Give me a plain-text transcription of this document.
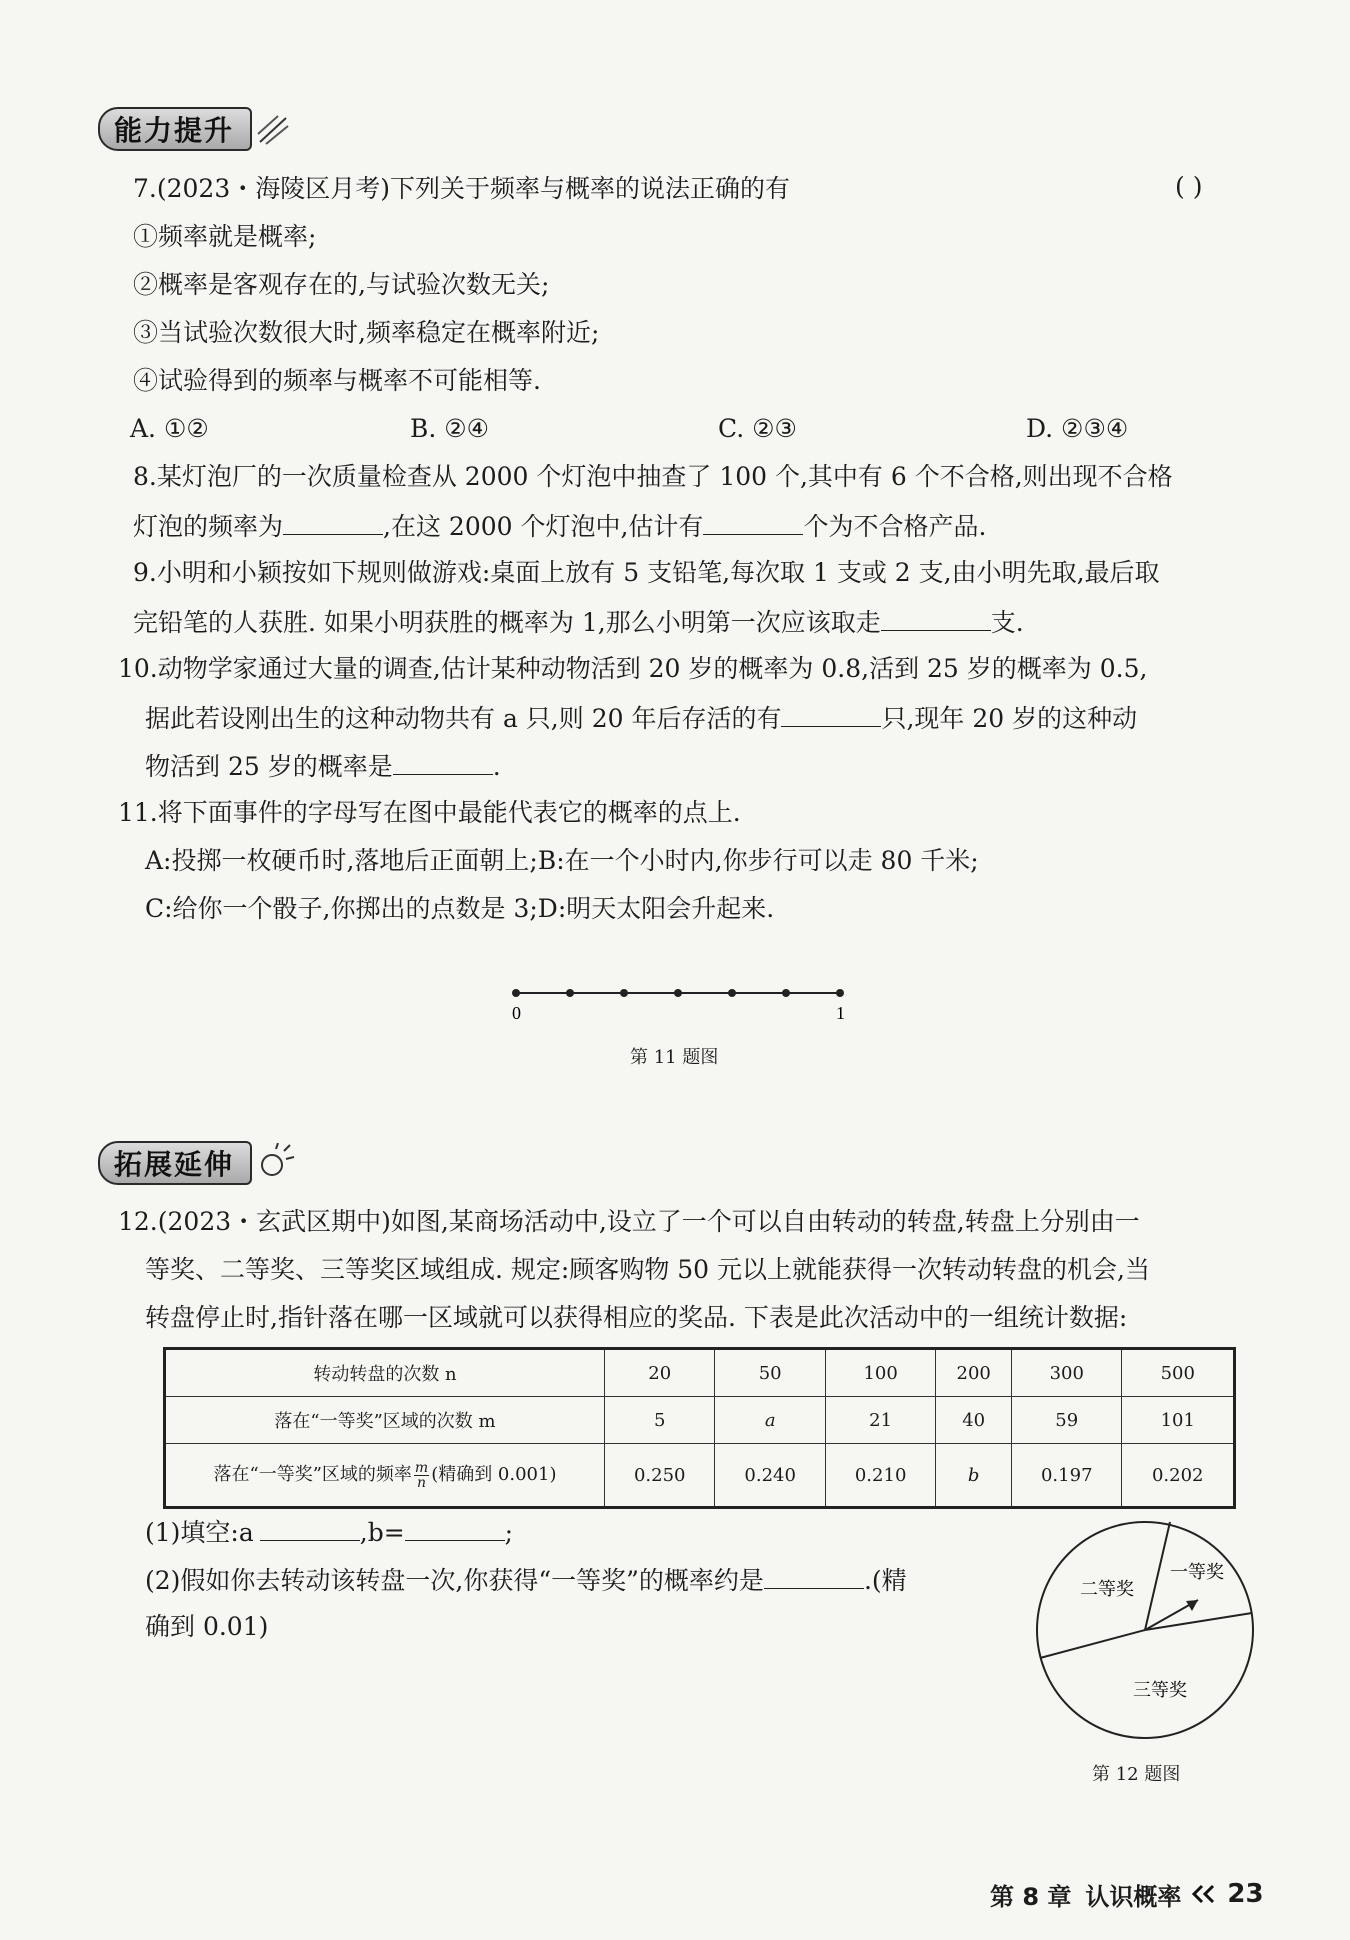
能力提升
7.(2023・海陵区月考)下列关于频率与概率的说法正确的有	( )
①频率就是概率;
②概率是客观存在的,与试验次数无关;
③当试验次数很大时,频率稳定在概率附近;
④试验得到的频率与概率不可能相等.
A. ①②	B. ②④	C. ②③	D. ②③④
8.某灯泡厂的一次质量检查从 2000 个灯泡中抽查了 100 个,其中有 6 个不合格,则出现不合格
灯泡的频率为	,在这 2000 个灯泡中,估计有	个为不合格产品.
9.小明和小颖按如下规则做游戏:桌面上放有 5 支铅笔,每次取 1 支或 2 支,由小明先取,最后取
完铅笔的人获胜. 如果小明获胜的概率为 1,那么小明第一次应该取走	支.
10.动物学家通过大量的调查,估计某种动物活到 20 岁的概率为 0.8,活到 25 岁的概率为 0.5,
据此若设刚出生的这种动物共有 a 只,则 20 年后存活的有	只,现年 20 岁的这种动
物活到 25 岁的概率是	.
11.将下面事件的字母写在图中最能代表它的概率的点上.
A:投掷一枚硬币时,落地后正面朝上;B:在一个小时内,你步行可以走 80 千米;
C:给你一个骰子,你掷出的点数是 3;D:明天太阳会升起来.
0	1
第 11 题图
拓展延伸
12.(2023・玄武区期中)如图,某商场活动中,设立了一个可以自由转动的转盘,转盘上分别由一
等奖、二等奖、三等奖区域组成. 规定:顾客购物 50 元以上就能获得一次转动转盘的机会,当
转盘停止时,指针落在哪一区域就可以获得相应的奖品. 下表是此次活动中的一组统计数据:
转动转盘的次数 n	20	50	100	200	300	500
落在“一等奖”区域的次数 m	5	a	21	40	59	101
落在“一等奖”区域的频率 $\frac{m}{n}$ (精确到 0.001)	0.250	0.240	0.210	b	0.197	0.202
(1)填空:a	,b=	;
(2)假如你去转动该转盘一次,你获得“一等奖”的概率约是	.(精
确到 0.01)
一等奖
二等奖
三等奖
第 12 题图
第 8 章 认识概率 23
